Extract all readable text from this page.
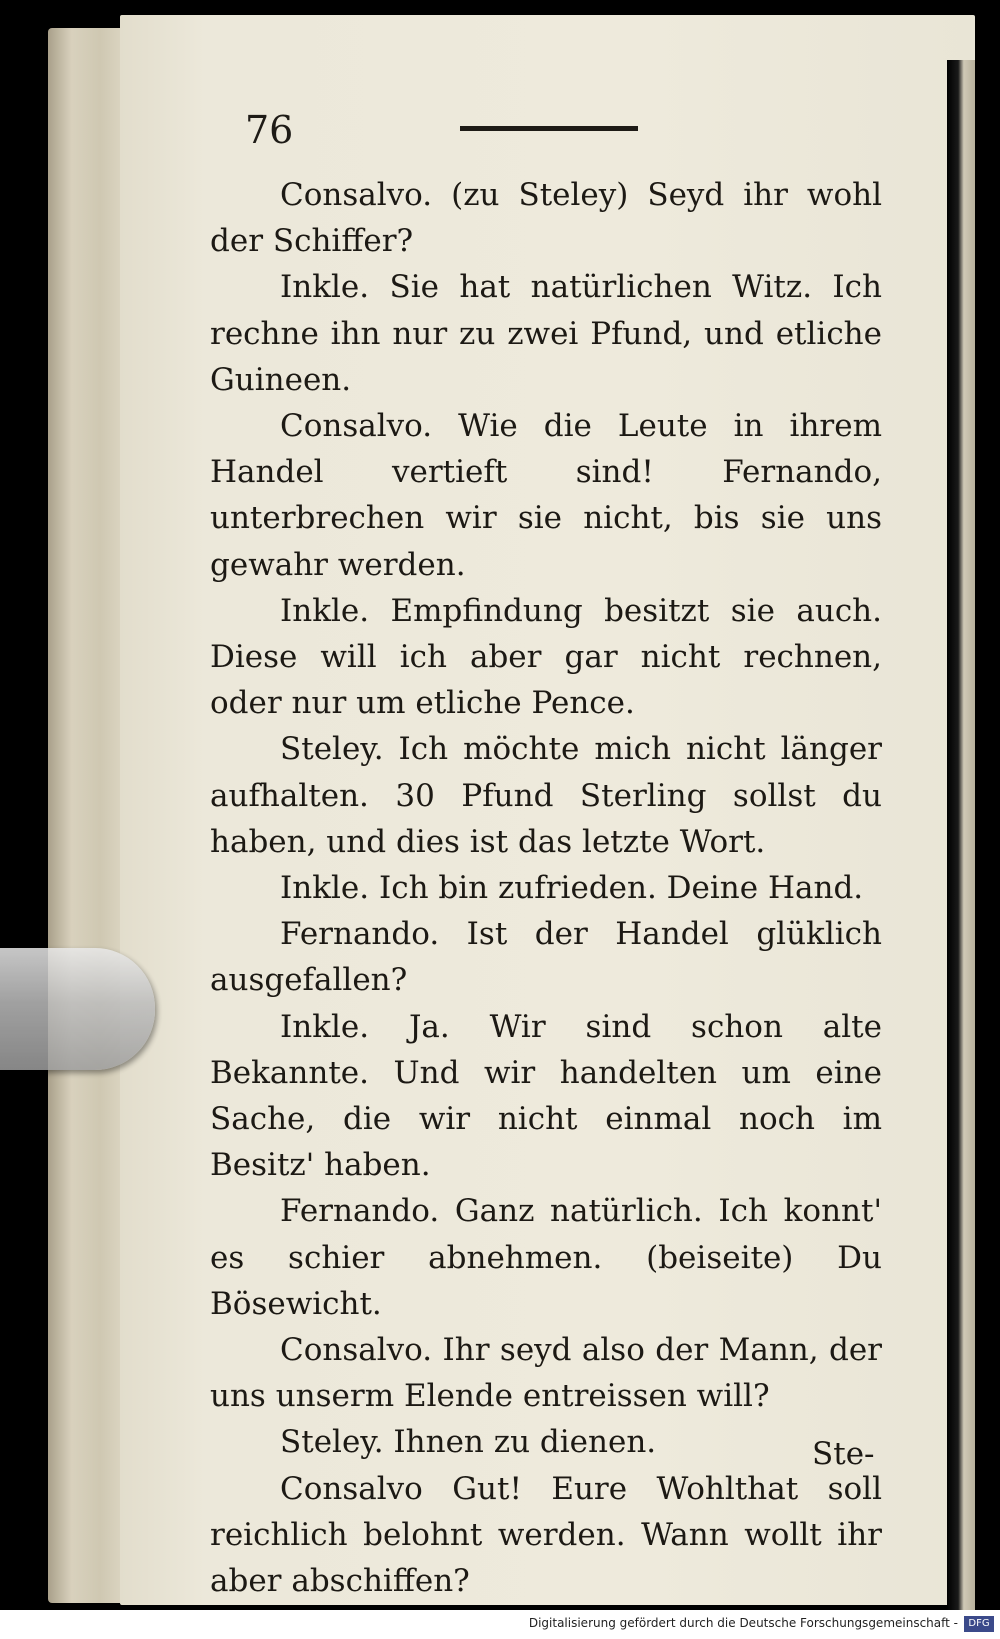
76

Consalvo. (zu Steley) Seyd ihr wohl der Schiffer?

Inkle. Sie hat natürlichen Witz. Ich rechne ihn nur zu zwei Pfund, und etliche Guineen.

Consalvo. Wie die Leute in ihrem Handel vertieft sind! Fernando, unterbrechen wir sie nicht, bis sie uns gewahr werden.

Inkle. Empfindung besitzt sie auch. Diese will ich aber gar nicht rechnen, oder nur um etliche Pence.

Steley. Ich möchte mich nicht länger aufhalten. 30 Pfund Sterling sollst du haben, und dies ist das letzte Wort.

Inkle. Ich bin zufrieden. Deine Hand.

Fernando. Ist der Handel glüklich ausgefallen?

Inkle. Ja. Wir sind schon alte Bekannte. Und wir handelten um eine Sache, die wir nicht einmal noch im Besitz' haben.

Fernando. Ganz natürlich. Ich konnt' es schier abnehmen. (beiseite) Du Bösewicht.

Consalvo. Ihr seyd also der Mann, der uns unserm Elende entreissen will?

Steley. Ihnen zu dienen.

Consalvo Gut! Eure Wohlthat soll reichlich belohnt werden. Wann wollt ihr aber abschiffen?

Ste-
Digitalisierung gefördert durch die Deutsche Forschungsgemeinschaft -	DFG
